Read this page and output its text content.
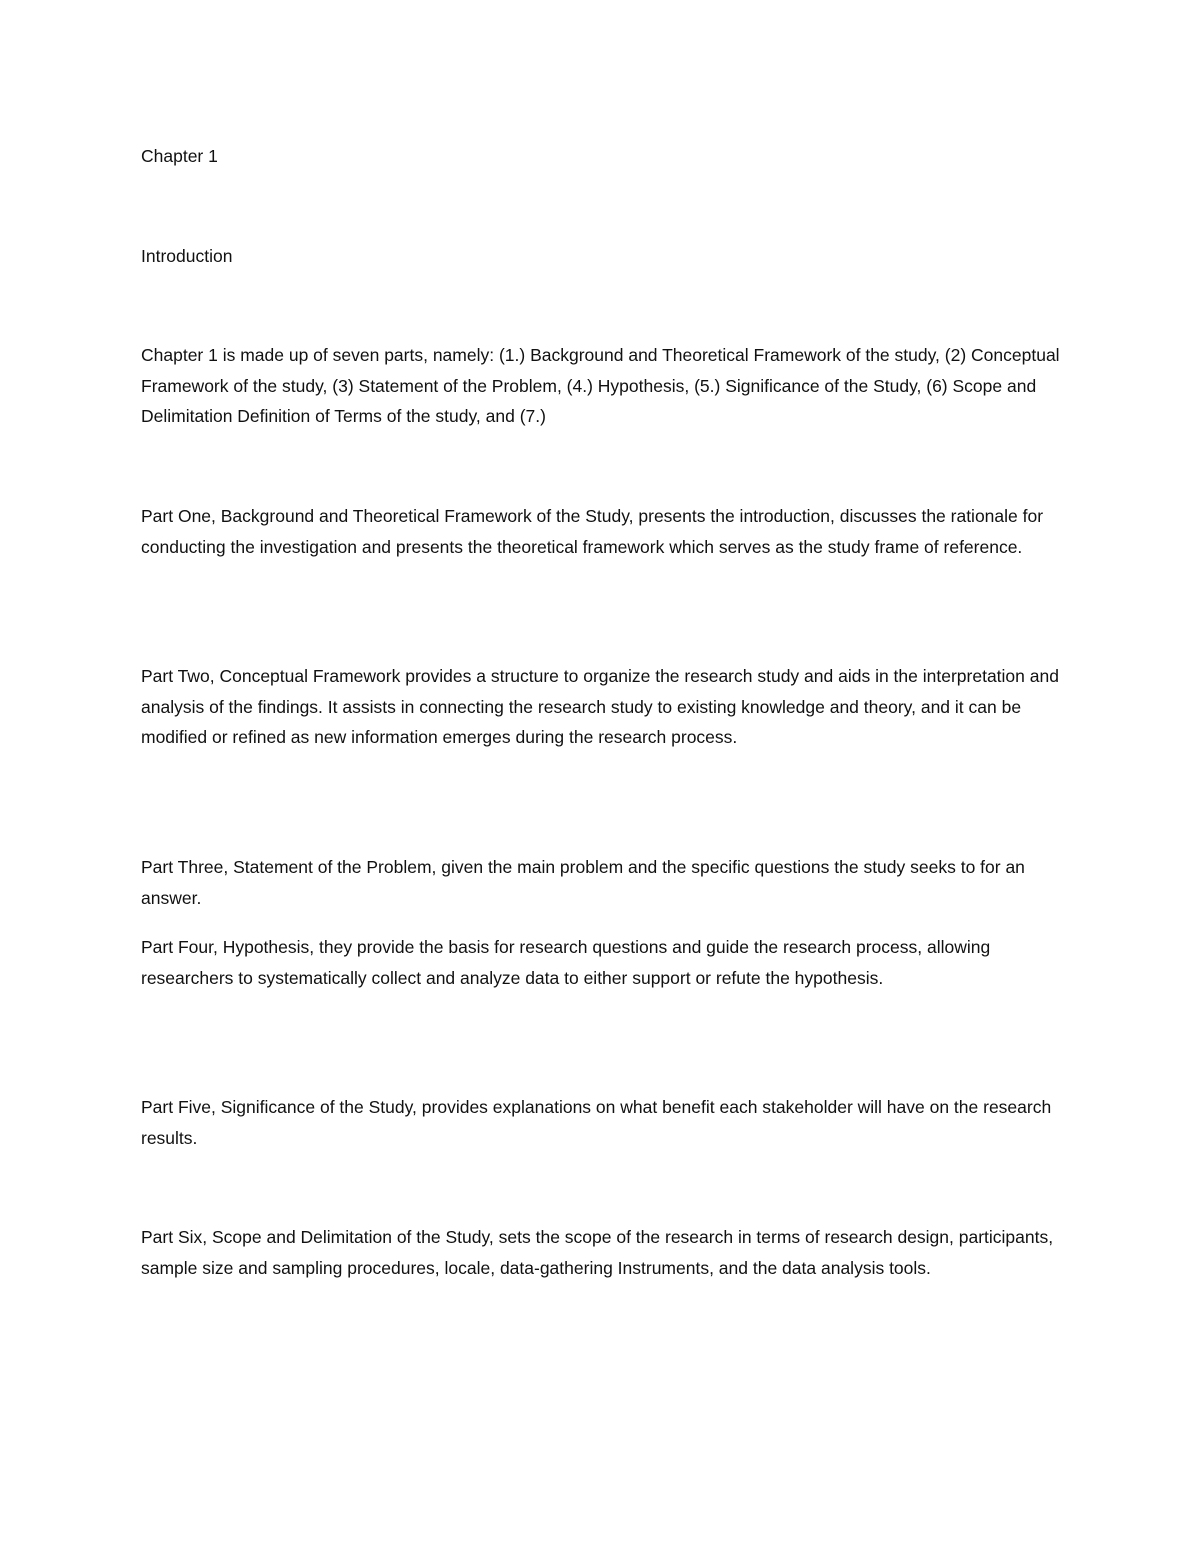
Chapter 1

Introduction

Chapter 1 is made up of seven parts, namely: (1.) Background and Theoretical Framework of the study, (2) Conceptual Framework of the study, (3) Statement of the Problem, (4.) Hypothesis, (5.) Significance of the Study, (6) Scope and Delimitation Definition of Terms of the study, and (7.)

Part One, Background and Theoretical Framework of the Study, presents the introduction, discusses the rationale for conducting the investigation and presents the theoretical framework which serves as the study frame of reference.

Part Two, Conceptual Framework provides a structure to organize the research study and aids in the interpretation and analysis of the findings. It assists in connecting the research study to existing knowledge and theory, and it can be modified or refined as new information emerges during the research process.

Part Three, Statement of the Problem, given the main problem and the specific questions the study seeks to for an answer.

Part Four, Hypothesis, they provide the basis for research questions and guide the research process, allowing researchers to systematically collect and analyze data to either support or refute the hypothesis.

Part Five, Significance of the Study, provides explanations on what benefit each stakeholder will have on the research results.

Part Six, Scope and Delimitation of the Study, sets the scope of the research in terms of research design, participants, sample size and sampling procedures, locale, data-gathering Instruments, and the data analysis tools.
